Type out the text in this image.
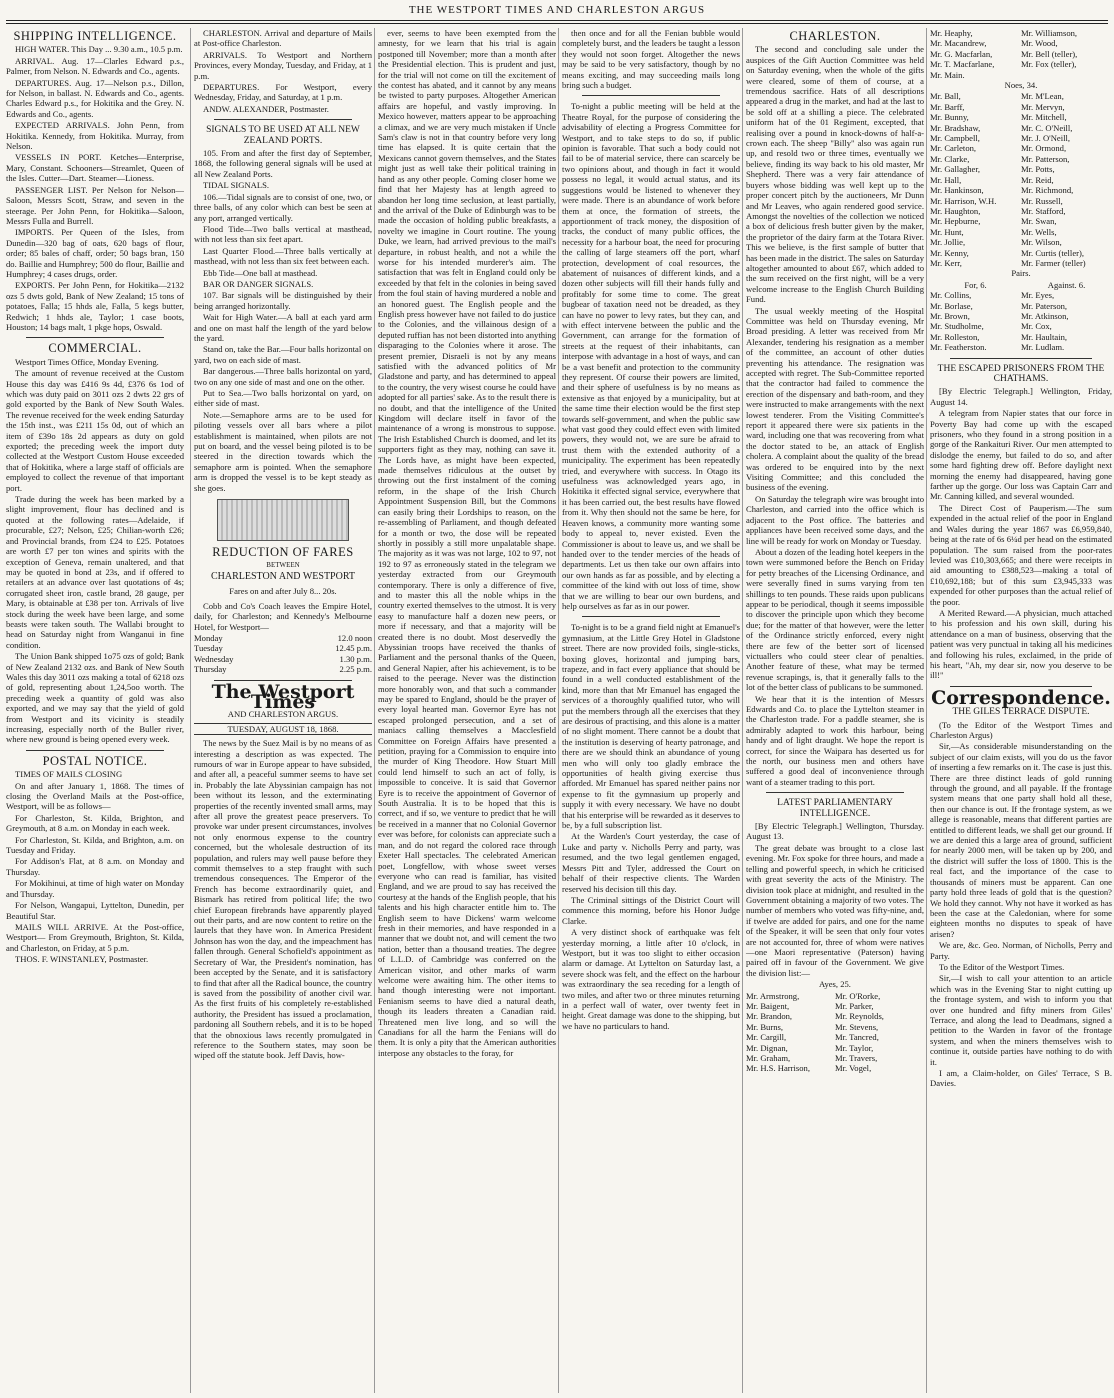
THE WESTPORT TIMES AND CHARLESTON ARGUS
SHIPPING INTELLIGENCE.

HIGH WATER. This Day ... 9.30 a.m., 10.5 p.m.

ARRIVAL. Aug. 17—Clarles Edward p.s., Palmer, from Nelson. N. Edwards and Co., agents.

DEPARTURES. Aug. 17—Nelson p.s., Dillon, for Nelson, in ballast. N. Edwards and Co., agents. Charles Edward p.s., for Hokitika and the Grey. N. Edwards and Co., agents.

EXPECTED ARRIVALS. John Penn, from Hokitika. Kennedy, from Hokitika. Murray, from Nelson.

VESSELS IN PORT. Ketches—Enterprise, Mary, Constant. Schooners—Streamlet, Queen of the Isles. Cutter—Dart. Steamer—Lioness.

PASSENGER LIST. Per Nelson for Nelson—Saloon, Messrs Scott, Straw, and seven in the steerage. Per John Penn, for Hokitika—Saloon, Messrs Fulla and Burrell.

IMPORTS. Per Queen of the Isles, from Dunedin—320 bag of oats, 620 bags of flour, order; 85 bales of chaff, order; 50 bags bran, 150 do. Baillie and Humphrey; 500 do flour, Baillie and Humphrey; 4 cases drugs, order.

EXPORTS. Per John Penn, for Hokitika—2132 ozs 5 dwts gold, Bank of New Zealand; 15 tons of potatoes, Falla; 15 hhds ale, Falla, 5 kegs butter, Redwich; 1 hhds ale, Taylor; 1 case boots, Houston; 14 bags malt, 1 pkge hops, Oswald.

COMMERCIAL.

Westport Times Office, Monday Evening.

The amount of revenue received at the Custom House this day was £416 9s 4d, £376 6s 1od of which was duty paid on 3011 ozs 2 dwts 22 grs of gold exported by the Bank of New South Wales. The revenue received for the week ending Saturday the 15th inst., was £211 15s 0d, out of which an item of £39o 18s 2d appears as duty on gold exported; the preceding week the import duty collected at the Westport Custom House exceeded that of Hokitika, where a large staff of officials are employed to collect the revenue of that important port.

Trade during the week has been marked by a slight improvement, flour has declined and is quoted at the following rates—Adelaide, if procurable, £27; Nelson, £25; Chilian-worth £26; and Provincial brands, from £24 to £25. Potatoes are worth £7 per ton wines and spirits with the exception of Geneva, remain unaltered, and that may be quoted in bond at 23s, and if offered to retailers at an advance over last quotations of 4s; corrugated sheet iron, castle brand, 28 gauge, per Mary, is obtainable at £38 per ton. Arrivals of live stock during the week have been large, and some beasts were taken south. The Wallabi brought to head on Saturday night from Wanganui in fine condition.

The Union Bank shipped 1o75 ozs of gold; Bank of New Zealand 2132 ozs. and Bank of New South Wales this day 3011 ozs making a total of 6218 ozs of gold, representing about 1,24,5oo worth. The preceding week a quantity of gold was also exported, and we may say that the yield of gold from Westport and its vicinity is steadily increasing, especially north of the Buller river, where new ground is being opened every week.

POSTAL NOTICE.

TIMES OF MAILS CLOSING

On and after January 1, 1868. The times of closing the Overland Mails at the Post-office, Westport, will be as follows—

For Charleston, St. Kilda, Brighton, and Greymouth, at 8 a.m. on Monday in each week.

For Charleston, St. Kilda, and Brighton, a.m. on Tuesday and Friday.

For Addison's Flat, at 8 a.m. on Monday and Thursday.

For Mokihinui, at time of high water on Monday and Thursday.

For Nelson, Wangapui, Lyttelton, Dunedin, per Beautiful Star.

MAILS WILL ARRIVE. At the Post-office, Westport— From Greymouth, Brighton, St. Kilda, and Charleston, on Friday, at 5 p.m.

THOS. F. WINSTANLEY, Postmaster.

CHARLESTON. Arrival and departure of Mails at Post-office Charleston.

ARRIVALS. To Westport and Northern Provinces, every Monday, Tuesday, and Friday, at 1 p.m.

DEPARTURES. For Westport, every Wednesday, Friday, and Saturday, at 1 p.m.

ANDW. ALEXANDER, Postmaster.

SIGNALS TO BE USED AT ALL NEW ZEALAND PORTS.

105. From and after the first day of September, 1868, the following general signals will be used at all New Zealand Ports.

TIDAL SIGNALS.

106.—Tidal signals are to consist of one, two, or three balls, of any color which can best be seen at any port, arranged vertically.

Flood Tide—Two balls vertical at masthead, with not less than six feet apart.

Last Quarter Flood.—Three balls vertically at masthead, with not less than six feet between each.

Ebb Tide—One ball at masthead.

BAR OR DANGER SIGNALS.

107. Bar signals will be distinguished by their being arranged horizontally.

Wait for High Water.—A ball at each yard arm and one on mast half the length of the yard below the yard.

Stand on, take the Bar.—Four balls horizontal on yard, two on each side of mast.

Bar dangerous.—Three balls horizontal on yard, two on any one side of mast and one on the other.

Put to Sea.—Two balls horizontal on yard, on either side of mast.

Note.—Semaphore arms are to be used for piloting vessels over all bars where a pilot establishment is maintained, when pilots are not put on board, and the vessel being piloted is to be steered in the direction towards which the semaphore arm is pointed. When the semaphore arm is dropped the vessel is to be kept steady as she goes.

REDUCTION OF FARES

BETWEEN

CHARLESTON AND WESTPORT

Fares on and after July 8... 20s.

Cobb and Co's Coach leaves the Empire Hotel, daily, for Charleston; and Kennedy's Melbourne Hotel, for Westport—

Monday	12.0 noon
Tuesday	12.45 p.m.
Wednesday	1.30 p.m.
Thursday	2.25 p.m.
The Westport Times

AND CHARLESTON ARGUS.

TUESDAY, AUGUST 18, 1868.

The news by the Suez Mail is by no means of as interesting a description as was expected. The rumours of war in Europe appear to have subsided, and after all, a peaceful summer seems to have set in. Probably the late Abyssinian campaign has not been without its lesson, and the exterminating properties of the recently invented small arms, may after all prove the greatest peace preservers. To provoke war under present circumstances, involves not only enormous expense to the country concerned, but the wholesale destruction of its population, and rulers may well pause before they commit themselves to a step fraught with such tremendous consequences. The Emperor of the French has become extraordinarily quiet, and Bismark has retired from political life; the two chief European firebrands have apparently played out their parts, and are now content to retire on the laurels that they have won. In America President Johnson has won the day, and the impeachment has fallen through. General Schofield's appointment as Secretary of War, the President's nomination, has been accepted by the Senate, and it is satisfactory to find that after all the Radical bounce, the country is saved from the possibility of another civil war. As the first fruits of his completely re-established authority, the President has issued a proclamation, pardoning all Southern rebels, and it is to be hoped that the obnoxious laws recently promulgated in reference to the Southern states, may soon be wiped off the statute book. Jeff Davis, how-

ever, seems to have been exempted from the amnesty, for we learn that his trial is again postponed till November; more than a month after the Presidential election. This is prudent and just, for the trial will not come on till the excitement of the contest has abated, and it cannot by any means be twisted to party purposes. Altogether American affairs are hopeful, and vastly improving. In Mexico however, matters appear to be approaching a climax, and we are very much mistaken if Uncle Sam's claw is not in that country before very long time has elapsed. It is quite certain that the Mexicans cannot govern themselves, and the States might just as well take their political training in hand as any other people. Coming closer home we find that her Majesty has at length agreed to abandon her long time seclusion, at least partially, and the arrival of the Duke of Edinburgh was to be made the occasion of holding public breakfasts, a novelty we imagine in Court routine. The young Duke, we learn, had arrived previous to the mail's departure, in robust health, and not a while the worse for his intended murderer's aim. The satisfaction that was felt in England could only be exceeded by that felt in the colonies in being saved from the foul stain of having murdered a noble and an honored guest. The English people and the English press however have not failed to do justice to the Colonies, and the villainous design of a deputed ruffian has not been distorted into anything disparaging to the Colonies where it arose. The present premier, Disraeli is not by any means satisfied with the advanced politics of Mr Gladstone and party, and has determined to appeal to the country, the very wisest course he could have adopted for all parties' sake. As to the result there is no doubt, and that the intelligence of the United Kingdom will declare itself in favor of the maintenance of a wrong is monstrous to suppose. The Irish Established Church is doomed, and let its supporters fight as they may, nothing can save it. The Lords have, as might have been expected, made themselves ridiculous at the outset by throwing out the first instalment of the coming reform, in the shape of the Irish Church Appointment Suspension Bill, but the Commons can easily bring their Lordships to reason, on the re-assembling of Parliament, and though defeated for a month or two, the dose will be repeated shortly in possibly a still more unpalatable shape. The majority as it was was not large, 102 to 97, not 192 to 97 as erroneously stated in the telegram we yesterday extracted from our Greymouth contemporary. There is only a difference of five, and to master this all the noble whips in the country exerted themselves to the utmost. It is very easy to manufacture half a dozen new peers, or more if necessary, and that a majority will be created there is no doubt. Most deservedly the Abyssinian troops have received the thanks of Parliament and the personal thanks of the Queen, and General Napier, after his achievement, is to be raised to the peerage. Never was the distinction more honorably won, and that such a commander may be spared to England, should be the prayer of every loyal hearted man. Governor Eyre has not escaped prolonged persecution, and a set of maniacs calling themselves a Macclesfield Committee on Foreign Affairs have presented a petition, praying for a Commission to enquire into the murder of King Theodore. How Stuart Mill could lend himself to such an act of folly, is impossible to conceive. It is said that Governor Eyre is to receive the appointment of Governor of South Australia. It is to be hoped that this is correct, and if so, we venture to predict that he will be received in a manner that no Colonial Governor ever was before, for colonists can appreciate such a man, and do not regard the colored race through Exeter Hall spectacles. The celebrated American poet, Longfellow, with whose sweet verses everyone who can read is familiar, has visited England, and we are proud to say has received the courtesy at the hands of the English people, that his talents and his high character entitle him to. The English seem to have Dickens' warm welcome fresh in their memories, and have responded in a manner that we doubt not, and will cement the two nation, better than a thousand treaties. The degree of L.L.D. of Cambridge was conferred on the American visitor, and other marks of warm welcome were awaiting him. The other items to hand though interesting were not important. Fenianism seems to have died a natural death, though its leaders threaten a Canadian raid. Threatened men live long, and so will the Canadians for all the harm the Fenians will do them. It is only a pity that the American authorities interpose any obstacles to the foray, for

then once and for all the Fenian bubble would completely burst, and the leaders be taught a lesson they would not soon forget. Altogether the news may be said to be very satisfactory, though by no means exciting, and may succeeding mails long bring such a budget.

To-night a public meeting will be held at the Theatre Royal, for the purpose of considering the advisability of electing a Progress Committee for Westport, and to take steps to do so, if public opinion is favorable. That such a body could not fail to be of material service, there can scarcely be two opinions about, and though in fact it would possess no legal, it would actual status, and its suggestions would be listened to whenever they were made. There is an abundance of work before them at once, the formation of streets, the apportionment of track money, the disposition of tracks, the conduct of many public offices, the necessity for a harbour boat, the need for procuring the calling of large steamers off the port, wharf protection, development of coal resources, the abatement of nuisances of different kinds, and a dozen other subjects will fill their hands fully and profitably for some time to come. The great bugbear of taxation need not be dreaded, as they can have no power to levy rates, but they can, and with effect intervene between the public and the Government, can arrange for the formation of streets at the request of their inhabitants, can interpose with advantage in a host of ways, and can be a vast benefit and protection to the community they represent. Of course their powers are limited, and their sphere of usefulness is by no means as extensive as that enjoyed by a municipality, but at the same time their election would be the first step towards self-government, and when the public saw what vast good they could effect even with limited powers, they would not, we are sure be afraid to trust them with the extended authority of a municipality. The experiment has been repeatedly tried, and everywhere with success. In Otago its usefulness was acknowledged years ago, in Hokitika it effected signal service, everywhere that it has been carried out, the best results have flowed from it. Why then should not the same be here, for Heaven knows, a community more wanting some body to appeal to, never existed. Even the Commissioner is about to leave us, and we shall be handed over to the tender mercies of the heads of departments. Let us then take our own affairs into our own hands as far as possible, and by electing a committee of the kind with out loss of time, show that we are willing to bear our own burdens, and help ourselves as far as in our power.

To-night is to be a grand field night at Emanuel's gymnasium, at the Little Grey Hotel in Gladstone street. There are now provided foils, single-sticks, boxing gloves, horizontal and jumping bars, trapeze, and in fact every appliance that should be found in a well conducted establishment of the kind, more than that Mr Emanuel has engaged the services of a thoroughly qualified tutor, who will put the members through all the exercises that they are desirous of practising, and this alone is a matter of no slight moment. There cannot be a doubt that the institution is deserving of hearty patronage, and there are we should think an abundance of young men who will only too gladly embrace the opportunities of health giving exercise thus afforded. Mr Emanuel has spared neither pains nor expense to fit the gymnasium up properly and supply it with every necessary. We have no doubt that his enterprise will be rewarded as it deserves to be, by a full subscription list.

At the Warden's Court yesterday, the case of Luke and party v. Nicholls Perry and party, was resumed, and the two legal gentlemen engaged, Messrs Pitt and Tyler, addressed the Court on behalf of their respective clients. The Warden reserved his decision till this day.

The Criminal sittings of the District Court will commence this morning, before his Honor Judge Clarke.

A very distinct shock of earthquake was felt yesterday morning, a little after 10 o'clock, in Westport, but it was too slight to either occasion alarm or damage. At Lyttelton on Saturday last, a severe shock was felt, and the effect on the harbour was extraordinary the sea receding for a length of two miles, and after two or three minutes returning in a perfect wall of water, over twenty feet in height. Great damage was done to the shipping, but we have no particulars to hand.

CHARLESTON.

The second and concluding sale under the auspices of the Gift Auction Committee was held on Saturday evening, when the whole of the gifts were cleared, some of them of course, at a tremendous sacrifice. Hats of all descriptions appeared a drug in the market, and had at the last to be sold off at a shilling a piece. The celebrated uniform hat of the 01 Regiment, excepted, that realising over a pound in knock-downs of half-a-crown each. The sheep "Billy" also was again run up, and resold two or three times, eventually we believe, finding its way back to his old master, Mr Shepherd. There was a very fair attendance of buyers whose bidding was well kept up to the proper concert pitch by the auctioneers, Mr Dunn and Mr Leaves, who again rendered good service. Amongst the novelties of the collection we noticed a box of delicious fresh butter given by the maker, the proprietor of the dairy farm at the Totara River. This we believe, is the first sample of butter that has been made in the district. The sales on Saturday altogether amounted to about £67, which added to the sum received on the first night, will be a very welcome increase to the English Church Building Fund.

The usual weekly meeting of the Hospital Committee was held on Thursday evening, Mr Broad presiding. A letter was received from Mr Alexander, tendering his resignation as a member of the committee, an account of other duties preventing his attendance. The resignation was accepted with regret. The Sub-Committee reported that the contractor had failed to commence the erection of the dispensary and bath-room, and they were instructed to make arrangements with the next lowest tenderer. From the Visiting Committee's report it appeared there were six patients in the ward, including one that was recovering from what the doctor stated to be, an attack of English cholera. A complaint about the quality of the bread was ordered to be enquired into by the next Visiting Committee; and this concluded the business of the evening.

On Saturday the telegraph wire was brought into Charleston, and carried into the office which is adjacent to the Post office. The batteries and appliances have been received some days, and the line will be ready for work on Monday or Tuesday.

About a dozen of the leading hotel keepers in the town were summoned before the Bench on Friday for petty breaches of the Licensing Ordinance, and were severally fined in sums varying from ten shillings to ten pounds. These raids upon publicans appear to be periodical, though it seems impossible to discover the principle upon which they become due; for the matter of that however, were the letter of the Ordinance strictly enforced, every night there are few of the better sort of licensed victuallers who could steer clear of penalties. Another feature of these, what may be termed revenue scrapings, is, that it generally falls to the lot of the better class of publicans to be summoned.

We hear that it is the intention of Messrs Edwards and Co. to place the Lyttelton steamer in the Charleston trade. For a paddle steamer, she is admirably adapted to work this harbour, being handy and of light draught. We hope the report is correct, for since the Waipara has deserted us for the north, our business men and others have suffered a good deal of inconvenience through want of a steamer trading to this port.

LATEST PARLIAMENTARY INTELLIGENCE.

[By Electric Telegraph.] Wellington, Thursday. August 13.

The great debate was brought to a close last evening. Mr. Fox spoke for three hours, and made a telling and powerful speech, in which he criticised with great severity the acts of the Ministry. The division took place at midnight, and resulted in the Government obtaining a majority of two votes. The number of members who voted was fifty-nine, and, if twelve are added for pairs, and one for the name of the Speaker, it will be seen that only four votes are not accounted for, three of whom were natives—one Maori representative (Paterson) having paired off in favour of the Government. We give the division list:—

Ayes, 25.

Mr. Armstrong,	Mr. O'Rorke,
Mr. Baigent,	Mr. Parker,
Mr. Brandon,	Mr. Reynolds,
Mr. Burns,	Mr. Stevens,
Mr. Cargill,	Mr. Tancred,
Mr. Dignan,	Mr. Taylor,
Mr. Graham,	Mr. Travers,
Mr. H.S. Harrison,	Mr. Vogel,
Mr. Heaphy,	Mr. Williamson,
Mr. Macandrew,	Mr. Wood,
Mr. G. Macfarlan,	Mr. Bell (teller),
Mr. T. Macfarlane,	Mr. Fox (teller),
Mr. Main.

Noes, 34.

Mr. Ball,	Mr. M'Lean,
Mr. Barff,	Mr. Mervyn,
Mr. Bunny,	Mr. Mitchell,
Mr. Bradshaw,	Mr. C. O'Neill,
Mr. Campbell,	Mr. J. O'Neill,
Mr. Carleton,	Mr. Ormond,
Mr. Clarke,	Mr. Patterson,
Mr. Gallagher,	Mr. Potts,
Mr. Hall,	Mr. Reid,
Mr. Hankinson,	Mr. Richmond,
Mr. Harrison, W.H.	Mr. Russell,
Mr. Haughton,	Mr. Stafford,
Mr. Hepburne,	Mr. Swan,
Mr. Hunt,	Mr. Wells,
Mr. Jollie,	Mr. Wilson,
Mr. Kenny,	Mr. Curtis (teller),
Mr. Kerr,	Mr. Farmer (teller)

Pairs.

For, 6.	Against. 6.
Mr. Collins,	Mr. Eyes,
Mr. Borlase,	Mr. Paterson,
Mr. Brown,	Mr. Atkinson,
Mr. Studholme,	Mr. Cox,
Mr. Rolleston,	Mr. Haultain,
Mr. Featherston.	Mr. Ludlam.
THE ESCAPED PRISONERS FROM THE CHATHAMS.

[By Electric Telegraph.] Wellington, Friday, August 14.

A telegram from Napier states that our force in Poverty Bay had come up with the escaped prisoners, who they found in a strong position in a gorge of the Rankaituri River. Our men attempted to dislodge the enemy, but failed to do so, and after some hard fighting drew off. Before daylight next morning the enemy had disappeared, having gone farther up the gorge. Our loss was Captain Carr and Mr. Canning killed, and several wounded.

The Direct Cost of Pauperism.—The sum expended in the actual relief of the poor in England and Wales during the year 1867 was £6,959,840, being at the rate of 6s 6¼d per head on the estimated population. The sum raised from the poor-rates levied was £10,303,665; and there were receipts in aid amounting to £388,523—making a total of £10,692,188; but of this sum £3,945,333 was expended for other purposes than the actual relief of the poor.

A Merited Reward.—A physician, much attached to his profession and his own skill, during his attendance on a man of business, observing that the patient was very punctual in taking all his medicines and following his rules, exclaimed, in the pride of his heart, "Ah, my dear sir, now you deserve to be ill!"

Correspondence.
THE GILES TERRACE DISPUTE.

(To the Editor of the Westport Times and Charleston Argus)

Sir,—As considerable misunderstanding on the subject of our claim exists, will you do us the favor of inserting a few remarks on it. The case is just this. There are three distinct leads of gold running through the ground, and all payable. If the frontage system means that one party shall hold all these, then our chance is out. If the frontage system, as we allege is reasonable, means that different parties are entitled to different leads, we shall get our ground. If we are denied this a large area of ground, sufficient for nearly 2000 men, will be taken up by 200, and the district will suffer the loss of 1800. This is the real fact, and the importance of the case to thousands of miners must be apparent. Can one party hold three leads of gold that is the question? We hold they cannot. Why not have it worked as has been the case at the Caledonian, where for some eighteen months no disputes to speak of have arisen?

We are, &c. Geo. Norman, of Nicholls, Perry and Party.

To the Editor of the Westport Times.

Sir,—I wish to call your attention to an article which was in the Evening Star to night cutting up the frontage system, and wish to inform you that over one hundred and fifty miners from Giles' Terrace, and along the lead to Deadmans, signed a petition to the Warden in favor of the frontage system, and when the miners themselves wish to continue it, outside parties have nothing to do with it.

I am, a Claim-holder, on Giles' Terrace, S B. Davies.
